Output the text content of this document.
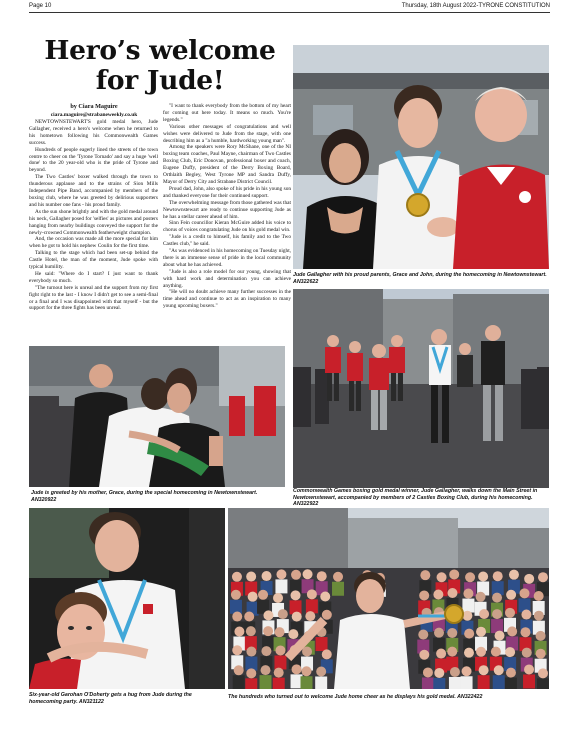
Page 10	Thursday, 18th August 2022-TYRONE CONSTITUTION
Hero’s welcome
for Jude!
by Ciara Maguire
ciara.maguire@strabaneweekly.co.uk

NEWTOWNSTEWART'S gold medal hero, Jude Gallagher, received a hero's welcome when he returned to his hometown following his Commonwealth Games success.

Hundreds of people eagerly lined the streets of the town centre to cheer on the 'Tyrone Tornado' and say a huge 'well done' to the 20 year-old who is the pride of Tyrone and beyond.

The Two Castles' boxer walked through the town to thunderous applause and to the strains of Sion Mills Independent Pipe Band, accompanied by members of the boxing club, where he was greeted by delirious supporters and his number one fans - his proud family.

As the sun shone brightly and with the gold medal around his neck, Gallagher posed for 'selfies' as pictures and posters hanging from nearby buildings conveyed the support for the newly-crowned Commonwealth featherweight champion.

And, the occasion was made all the more special for him when he got to hold his nephew Coulin for the first time.

Talking to the stage which had been set-up behind the Castle Hotel, the man of the moment, Jude spoke with typical humility.

He said: "Where do I start? I just want to thank everybody so much.

"The turnout here is unreal and the support from my first fight right to the last - I know I didn't get to see a semi-final or a final and I was disappointed with that myself - but the support for the three fights has been unreal.

"I want to thank everybody from the bottom of my heart for coming out here today. It means so much. You're legends."

Various other messages of congratulations and well wishes were delivered to Jude from the stage, with one describing him as a "a humble, hardworking young man".

Among the speakers were Rory McShane, one of the NI boxing team coaches, Paul Mayne, chairman of Two Castles Boxing Club, Eric Donovan, professional boxer and coach, Eugene Duffy, president of the Derry Boxing Board, Orthlaith Begley, West Tyrone MP and Sandra Duffy, Mayor of Derry City and Strabane District Council.

Proud dad, John, also spoke of his pride in his young son and thanked everyone for their continued support.

The overwhelming message from those gathered was that Newtownstewart are ready to continue supporting Jude as he has a stellar career ahead of him.

Sinn Fein councillor Kieran McGuire added his voice to chorus of voices congratulating Jude on his gold medal win.

"Jude is a credit to himself, his family and to the Two Castles club," he said.

"As was evidenced in his homecoming on Tuesday night, there is an immense sense of pride in the local community about what he has achieved.

"Jude is also a role model for our young, showing that with hard work and determination you can achieve anything.

"He will no doubt achieve many further successes in the time ahead and continue to act as an inspiration to many young upcoming boxers."

Jude Gallagher with his proud parents, Grace and John, during the homecoming in Newtownstewart. AN322622
Commonwealth Games boxing gold medal winner, Jude Gallagher, walks down the Main Street in Newtownstewart, accompanied by members of 2 Castles Boxing Club, during his homecoming. AN322922
Jude is greeted by his mother, Grace, during the special homecoming in Newtownstewart. AN320922
Six-year-old Garohan O'Doherty gets a hug from Jude during the homecoming party. AN321122
The hundreds who turned out to welcome Jude home cheer as he displays his gold medal. AN322422
